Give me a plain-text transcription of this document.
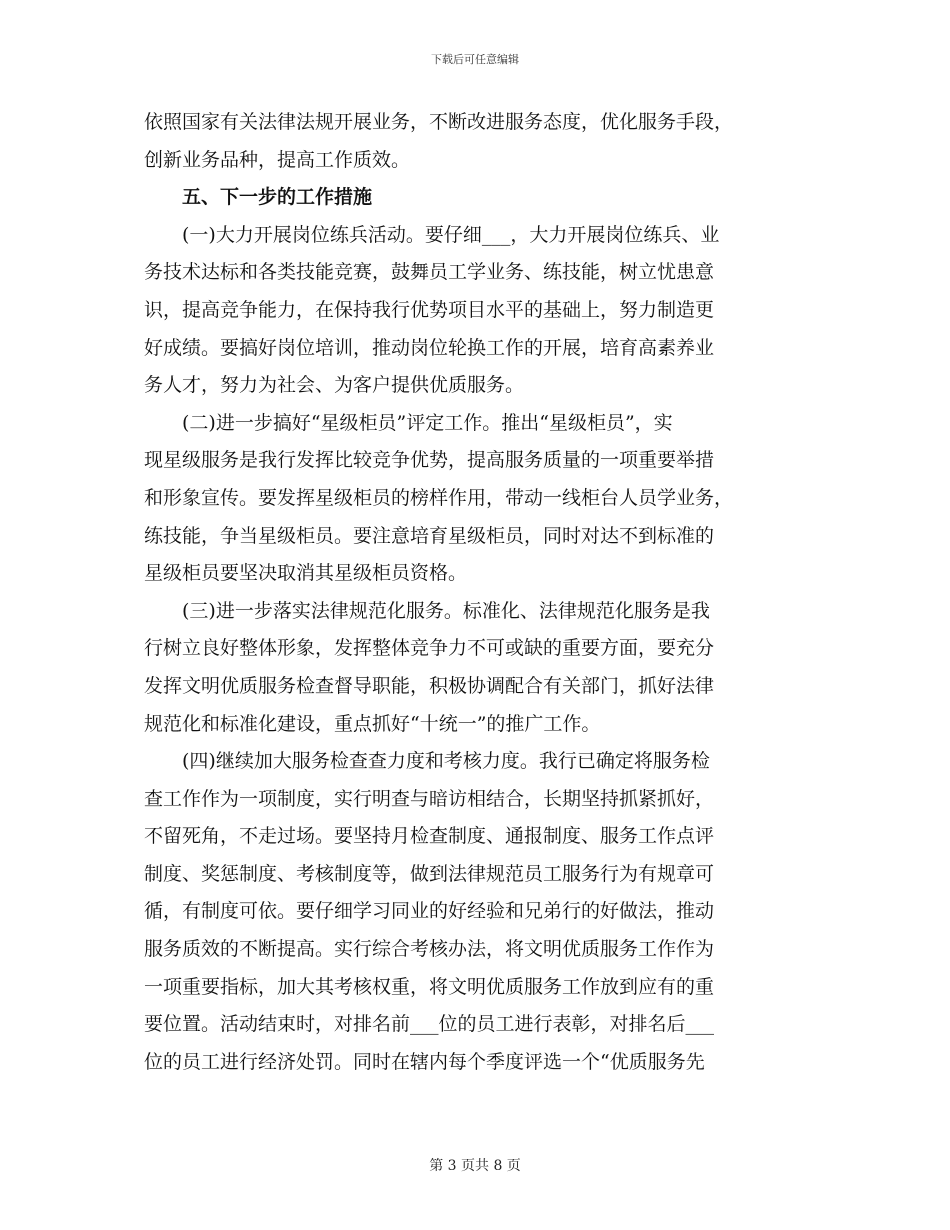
下载后可任意编辑
依照国家有关法律法规开展业务，不断改进服务态度，优化服务手段，
创新业务品种，提高工作质效。
五、下一步的工作措施
(一)大力开展岗位练兵活动。要仔细___，大力开展岗位练兵、业
务技术达标和各类技能竞赛，鼓舞员工学业务、练技能，树立忧患意
识，提高竞争能力，在保持我行优势项目水平的基础上，努力制造更
好成绩。要搞好岗位培训，推动岗位轮换工作的开展，培育高素养业
务人才，努力为社会、为客户提供优质服务。
(二)进一步搞好“星级柜员”评定工作。推出“星级柜员”，实
现星级服务是我行发挥比较竞争优势，提高服务质量的一项重要举措
和形象宣传。要发挥星级柜员的榜样作用，带动一线柜台人员学业务，
练技能，争当星级柜员。要注意培育星级柜员，同时对达不到标准的
星级柜员要坚决取消其星级柜员资格。
(三)进一步落实法律规范化服务。标准化、法律规范化服务是我
行树立良好整体形象，发挥整体竞争力不可或缺的重要方面，要充分
发挥文明优质服务检查督导职能，积极协调配合有关部门，抓好法律
规范化和标准化建设，重点抓好“十统一”的推广工作。
(四)继续加大服务检查查力度和考核力度。我行已确定将服务检
查工作作为一项制度，实行明查与暗访相结合，长期坚持抓紧抓好，
不留死角，不走过场。要坚持月检查制度、通报制度、服务工作点评
制度、奖惩制度、考核制度等，做到法律规范员工服务行为有规章可
循，有制度可依。要仔细学习同业的好经验和兄弟行的好做法，推动
服务质效的不断提高。实行综合考核办法，将文明优质服务工作作为
一项重要指标，加大其考核权重，将文明优质服务工作放到应有的重
要位置。活动结束时，对排名前___位的员工进行表彰，对排名后___
位的员工进行经济处罚。同时在辖内每个季度评选一个“优质服务先
第 3 页共 8 页
